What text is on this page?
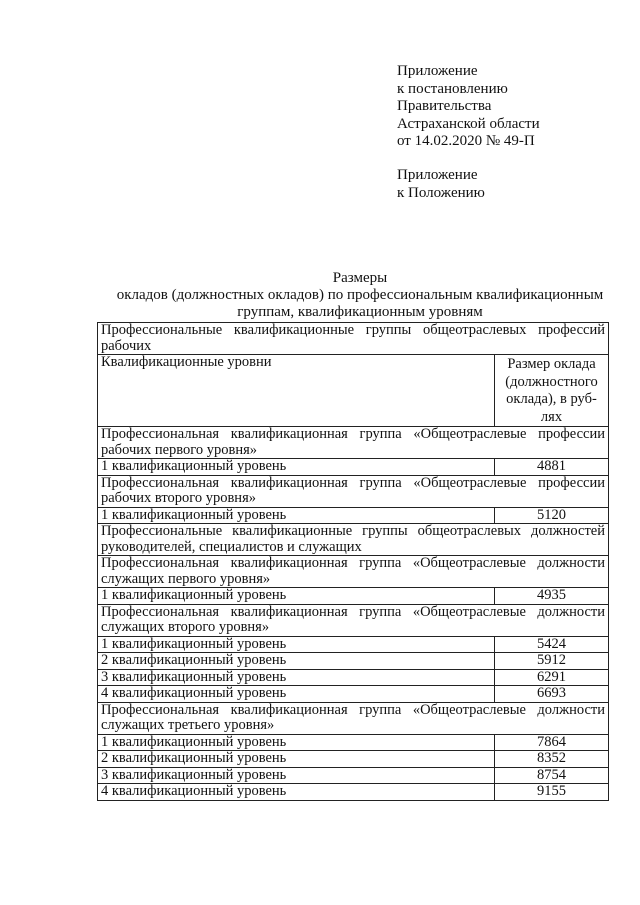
Приложение
к постановлению
Правительства
Астраханской области
от 14.02.2020 № 49-П
Приложение
к Положению
Размеры
окладов (должностных окладов) по профессиональным квалификационным
группам, квалификационным уровням
Профессиональные квалификационные группы общеотраслевых профессий рабочих	
Квалификационные уровни	Размер оклада (должностного оклада), в руб-лях
Профессиональная квалификационная группа «Общеотраслевые профессии рабочих первого уровня»	
1 квалификационный уровень	4881
Профессиональная квалификационная группа «Общеотраслевые профессии рабочих второго уровня»	
1 квалификационный уровень	5120
Профессиональные квалификационные группы общеотраслевых должностей руководителей, специалистов и служащих	
Профессиональная квалификационная группа «Общеотраслевые должности служащих первого уровня»	
1 квалификационный уровень	4935
Профессиональная квалификационная группа «Общеотраслевые должности служащих второго уровня»	
1 квалификационный уровень	5424
2 квалификационный уровень	5912
3 квалификационный уровень	6291
4 квалификационный уровень	6693
Профессиональная квалификационная группа «Общеотраслевые должности служащих третьего уровня»	
1 квалификационный уровень	7864
2 квалификационный уровень	8352
3 квалификационный уровень	8754
4 квалификационный уровень	9155
